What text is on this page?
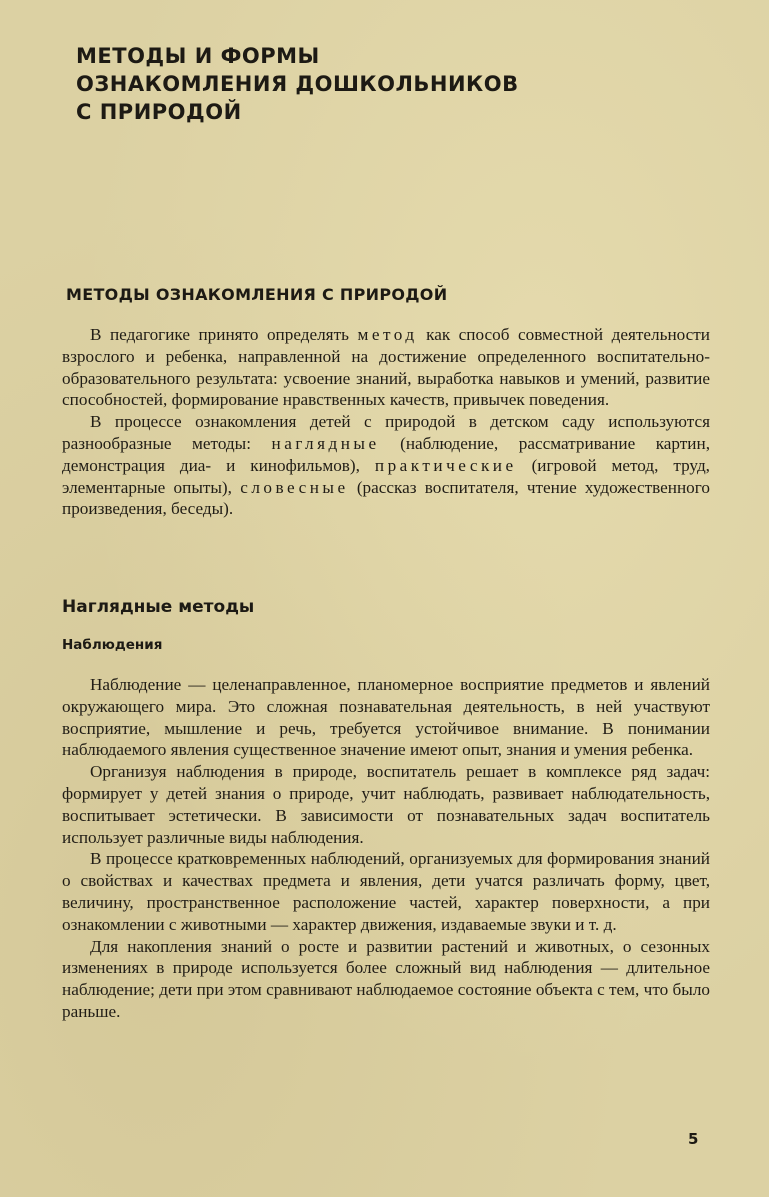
МЕТОДЫ И ФОРМЫ
ОЗНАКОМЛЕНИЯ ДОШКОЛЬНИКОВ
С ПРИРОДОЙ
МЕТОДЫ ОЗНАКОМЛЕНИЯ С ПРИРОДОЙ

В педагогике принято определять метод как способ совместной деятельности взрослого и ребенка, направленной на достижение определенного воспитательно-образовательного результата: усвоение знаний, выработка навыков и умений, развитие способностей, формирование нравственных качеств, привычек поведения.

В процессе ознакомления детей с природой в детском саду используются разнообразные методы: наглядные (наблюдение, рассматривание картин, демонстрация диа- и кинофильмов), практические (игровой метод, труд, элементарные опыты), словесные (рассказ воспитателя, чтение художественного произведения, беседы).

Наглядные методы
Наблюдения

Наблюдение — целенаправленное, планомерное восприятие предметов и явлений окружающего мира. Это сложная познавательная деятельность, в ней участвуют восприятие, мышление и речь, требуется устойчивое внимание. В понимании наблюдаемого явления существенное значение имеют опыт, знания и умения ребенка.

Организуя наблюдения в природе, воспитатель решает в комплексе ряд задач: формирует у детей знания о природе, учит наблюдать, развивает наблюдательность, воспитывает эстетически. В зависимости от познавательных задач воспитатель использует различные виды наблюдения.

В процессе кратковременных наблюдений, организуемых для формирования знаний о свойствах и качествах предмета и явления, дети учатся различать форму, цвет, величину, пространственное расположение частей, характер поверхности, а при ознакомлении с животными — характер движения, издаваемые звуки и т. д.

Для накопления знаний о росте и развитии растений и животных, о сезонных изменениях в природе используется более сложный вид наблюдения — длительное наблюдение; дети при этом сравнивают наблюдаемое состояние объекта с тем, что было раньше.

5
